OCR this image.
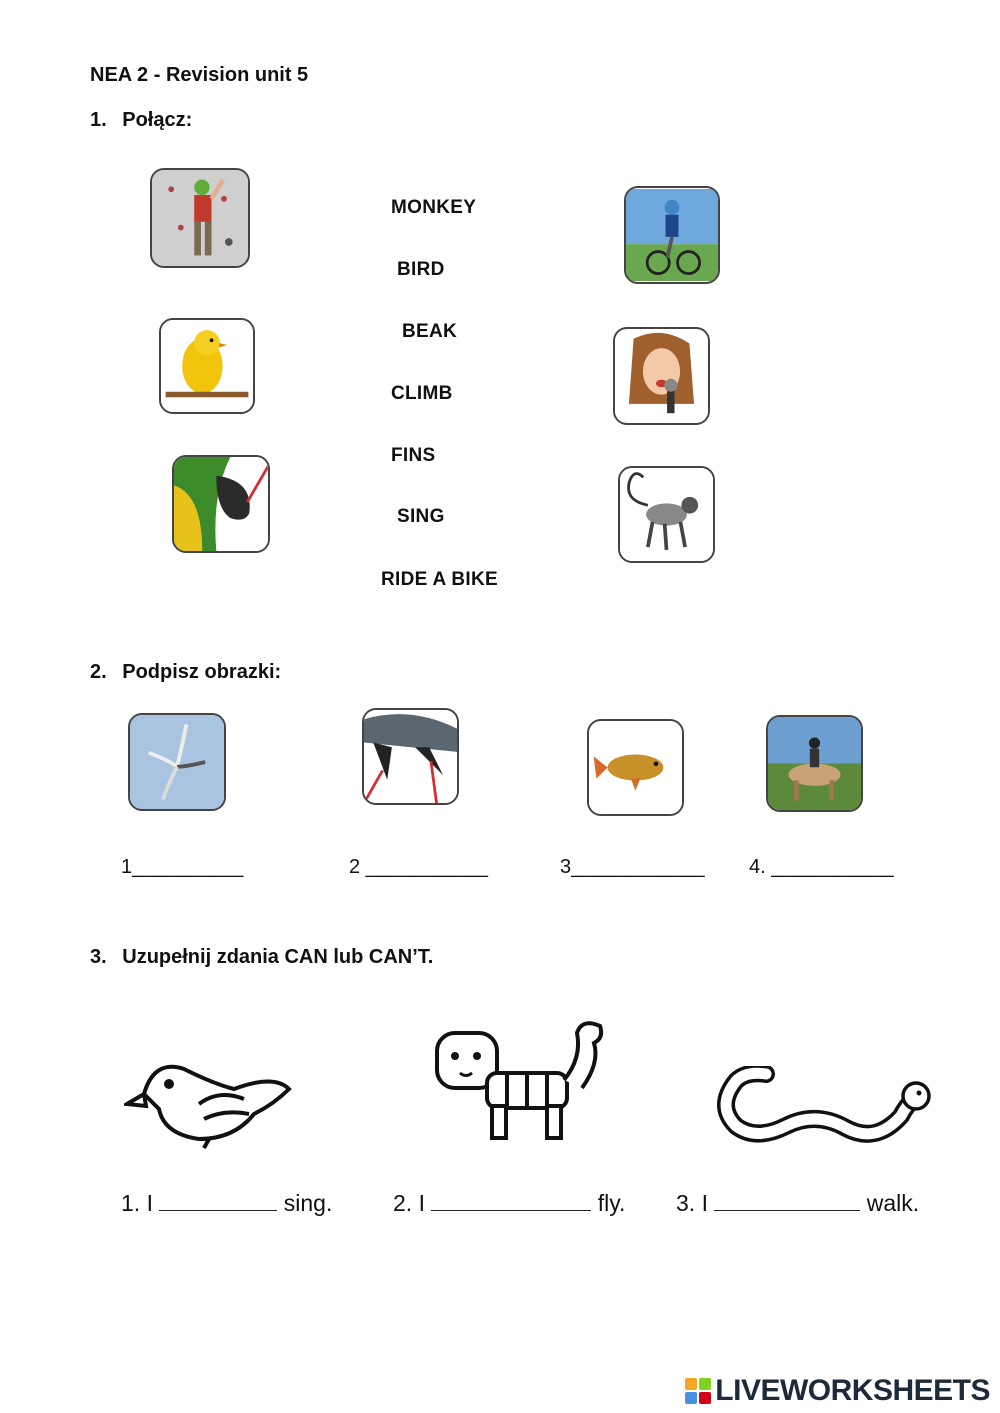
NEA 2 - Revision unit 5
1. Połącz:
MONKEY
BIRD
BEAK
CLIMB
FINS
SING
RIDE A BIKE
2. Podpisz obrazki:
1__________	2 ___________	3____________ 4. ___________
3. Uzupełnij zdania CAN lub CAN’T.
1. I	sing.	2. I	fly. 3. I	walk.
LIVEWORKSHEETS
